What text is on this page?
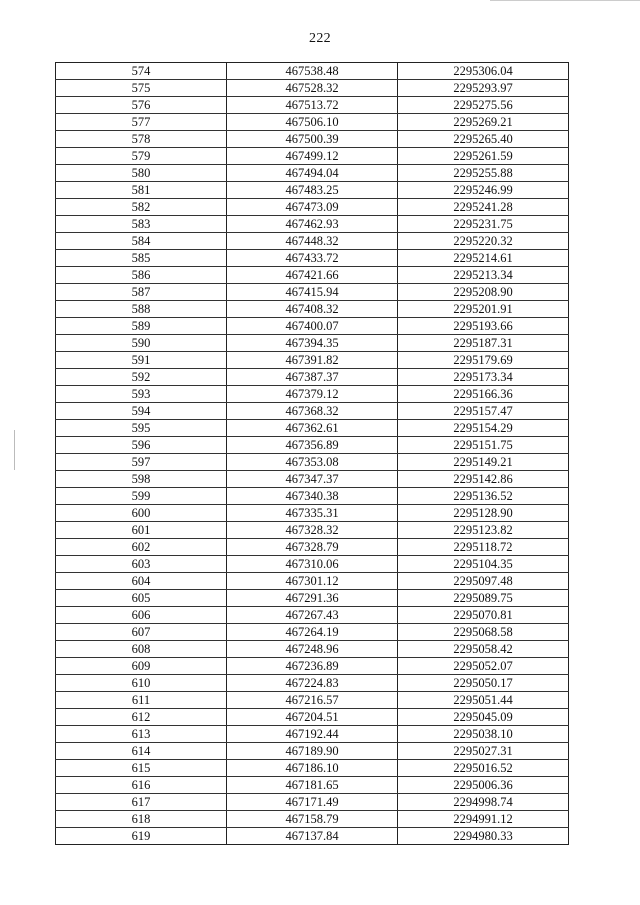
222
574	467538.48	2295306.04
575	467528.32	2295293.97
576	467513.72	2295275.56
577	467506.10	2295269.21
578	467500.39	2295265.40
579	467499.12	2295261.59
580	467494.04	2295255.88
581	467483.25	2295246.99
582	467473.09	2295241.28
583	467462.93	2295231.75
584	467448.32	2295220.32
585	467433.72	2295214.61
586	467421.66	2295213.34
587	467415.94	2295208.90
588	467408.32	2295201.91
589	467400.07	2295193.66
590	467394.35	2295187.31
591	467391.82	2295179.69
592	467387.37	2295173.34
593	467379.12	2295166.36
594	467368.32	2295157.47
595	467362.61	2295154.29
596	467356.89	2295151.75
597	467353.08	2295149.21
598	467347.37	2295142.86
599	467340.38	2295136.52
600	467335.31	2295128.90
601	467328.32	2295123.82
602	467328.79	2295118.72
603	467310.06	2295104.35
604	467301.12	2295097.48
605	467291.36	2295089.75
606	467267.43	2295070.81
607	467264.19	2295068.58
608	467248.96	2295058.42
609	467236.89	2295052.07
610	467224.83	2295050.17
611	467216.57	2295051.44
612	467204.51	2295045.09
613	467192.44	2295038.10
614	467189.90	2295027.31
615	467186.10	2295016.52
616	467181.65	2295006.36
617	467171.49	2294998.74
618	467158.79	2294991.12
619	467137.84	2294980.33
